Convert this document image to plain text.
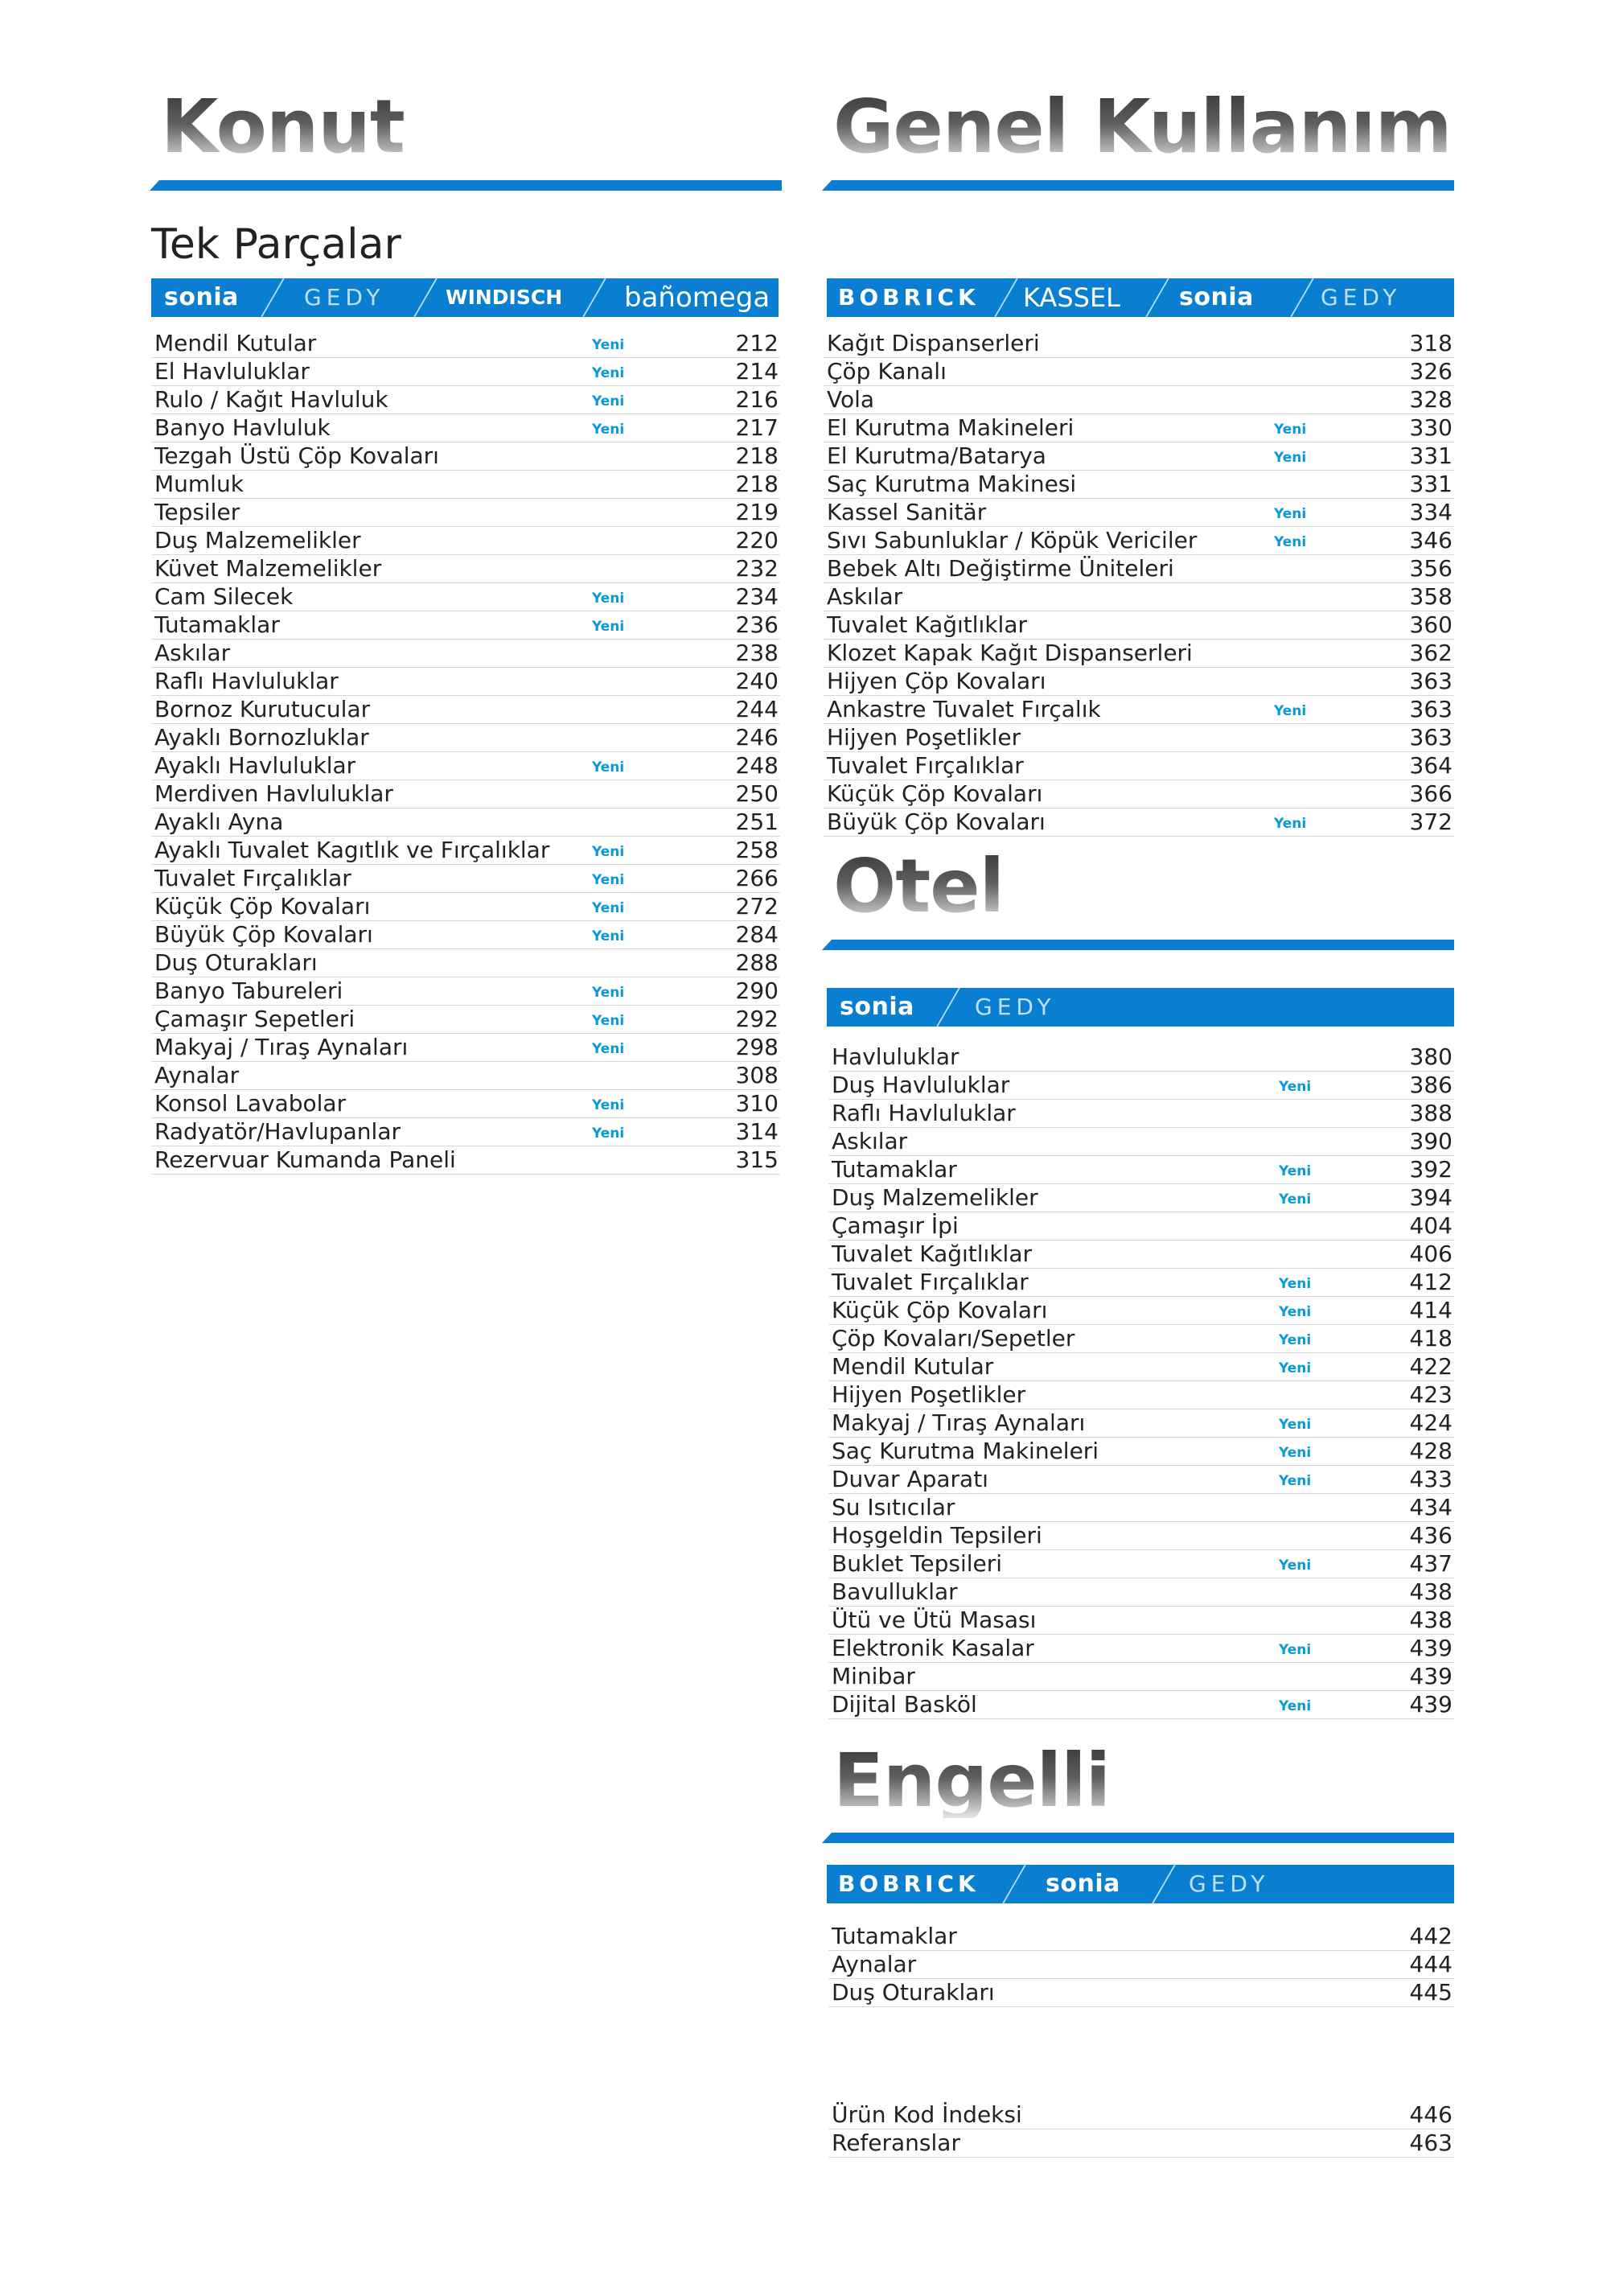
Konut
Tek Parçalar
sonia	GEDY	WINDISCH bañomega
Mendil Kutular	Yeni	212
El Havluluklar	Yeni	214
Rulo / Kağıt Havluluk	Yeni	216
Banyo Havluluk	Yeni	217
Tezgah Üstü Çöp Kovaları	218
Mumluk	218
Tepsiler	219
Duş Malzemelikler	220
Küvet Malzemelikler	232
Cam Silecek	Yeni	234
Tutamaklar	Yeni	236
Askılar	238
Raflı Havluluklar	240
Bornoz Kurutucular	244
Ayaklı Bornozluklar	246
Ayaklı Havluluklar	Yeni	248
Merdiven Havluluklar	250
Ayaklı Ayna	251
Ayaklı Tuvalet Kagıtlık ve Fırçalıklar	Yeni	258
Tuvalet Fırçalıklar	Yeni	266
Küçük Çöp Kovaları	Yeni	272
Büyük Çöp Kovaları	Yeni	284
Duş Oturakları	288
Banyo Tabureleri	Yeni	290
Çamaşır Sepetleri	Yeni	292
Makyaj / Tıraş Aynaları	Yeni	298
Aynalar	308
Konsol Lavabolar	Yeni	310
Radyatör/Havlupanlar	Yeni	314
Rezervuar Kumanda Paneli	315
Genel Kullanım
BOBRICK KASSEL sonia	GEDY
Kağıt Dispanserleri	318
Çöp Kanalı	326
Vola	328
El Kurutma Makineleri	Yeni	330
El Kurutma/Batarya	Yeni	331
Saç Kurutma Makinesi	331
Kassel Sanitär	Yeni	334
Sıvı Sabunluklar / Köpük Vericiler	Yeni	346
Bebek Altı Değiştirme Üniteleri	356
Askılar	358
Tuvalet Kağıtlıklar	360
Klozet Kapak Kağıt Dispanserleri	362
Hijyen Çöp Kovaları	363
Ankastre Tuvalet Fırçalık	Yeni	363
Hijyen Poşetlikler	363
Tuvalet Fırçalıklar	364
Küçük Çöp Kovaları	366
Büyük Çöp Kovaları	Yeni	372
Otel
sonia	GEDY
Havluluklar	380
Duş Havluluklar	Yeni	386
Raflı Havluluklar	388
Askılar	390
Tutamaklar	Yeni	392
Duş Malzemelikler	Yeni	394
Çamaşır İpi	404
Tuvalet Kağıtlıklar	406
Tuvalet Fırçalıklar	Yeni	412
Küçük Çöp Kovaları	Yeni	414
Çöp Kovaları/Sepetler	Yeni	418
Mendil Kutular	Yeni	422
Hijyen Poşetlikler	423
Makyaj / Tıraş Aynaları	Yeni	424
Saç Kurutma Makineleri	Yeni	428
Duvar Aparatı	Yeni	433
Su Isıtıcılar	434
Hoşgeldin Tepsileri	436
Buklet Tepsileri	Yeni	437
Bavulluklar	438
Ütü ve Ütü Masası	438
Elektronik Kasalar	Yeni	439
Minibar	439
Dijital Basköl	Yeni	439
Engelli
BOBRICK	sonia	GEDY
Tutamaklar	442
Aynalar	444
Duş Oturakları	445
Ürün Kod İndeksi	446
Referanslar	463
